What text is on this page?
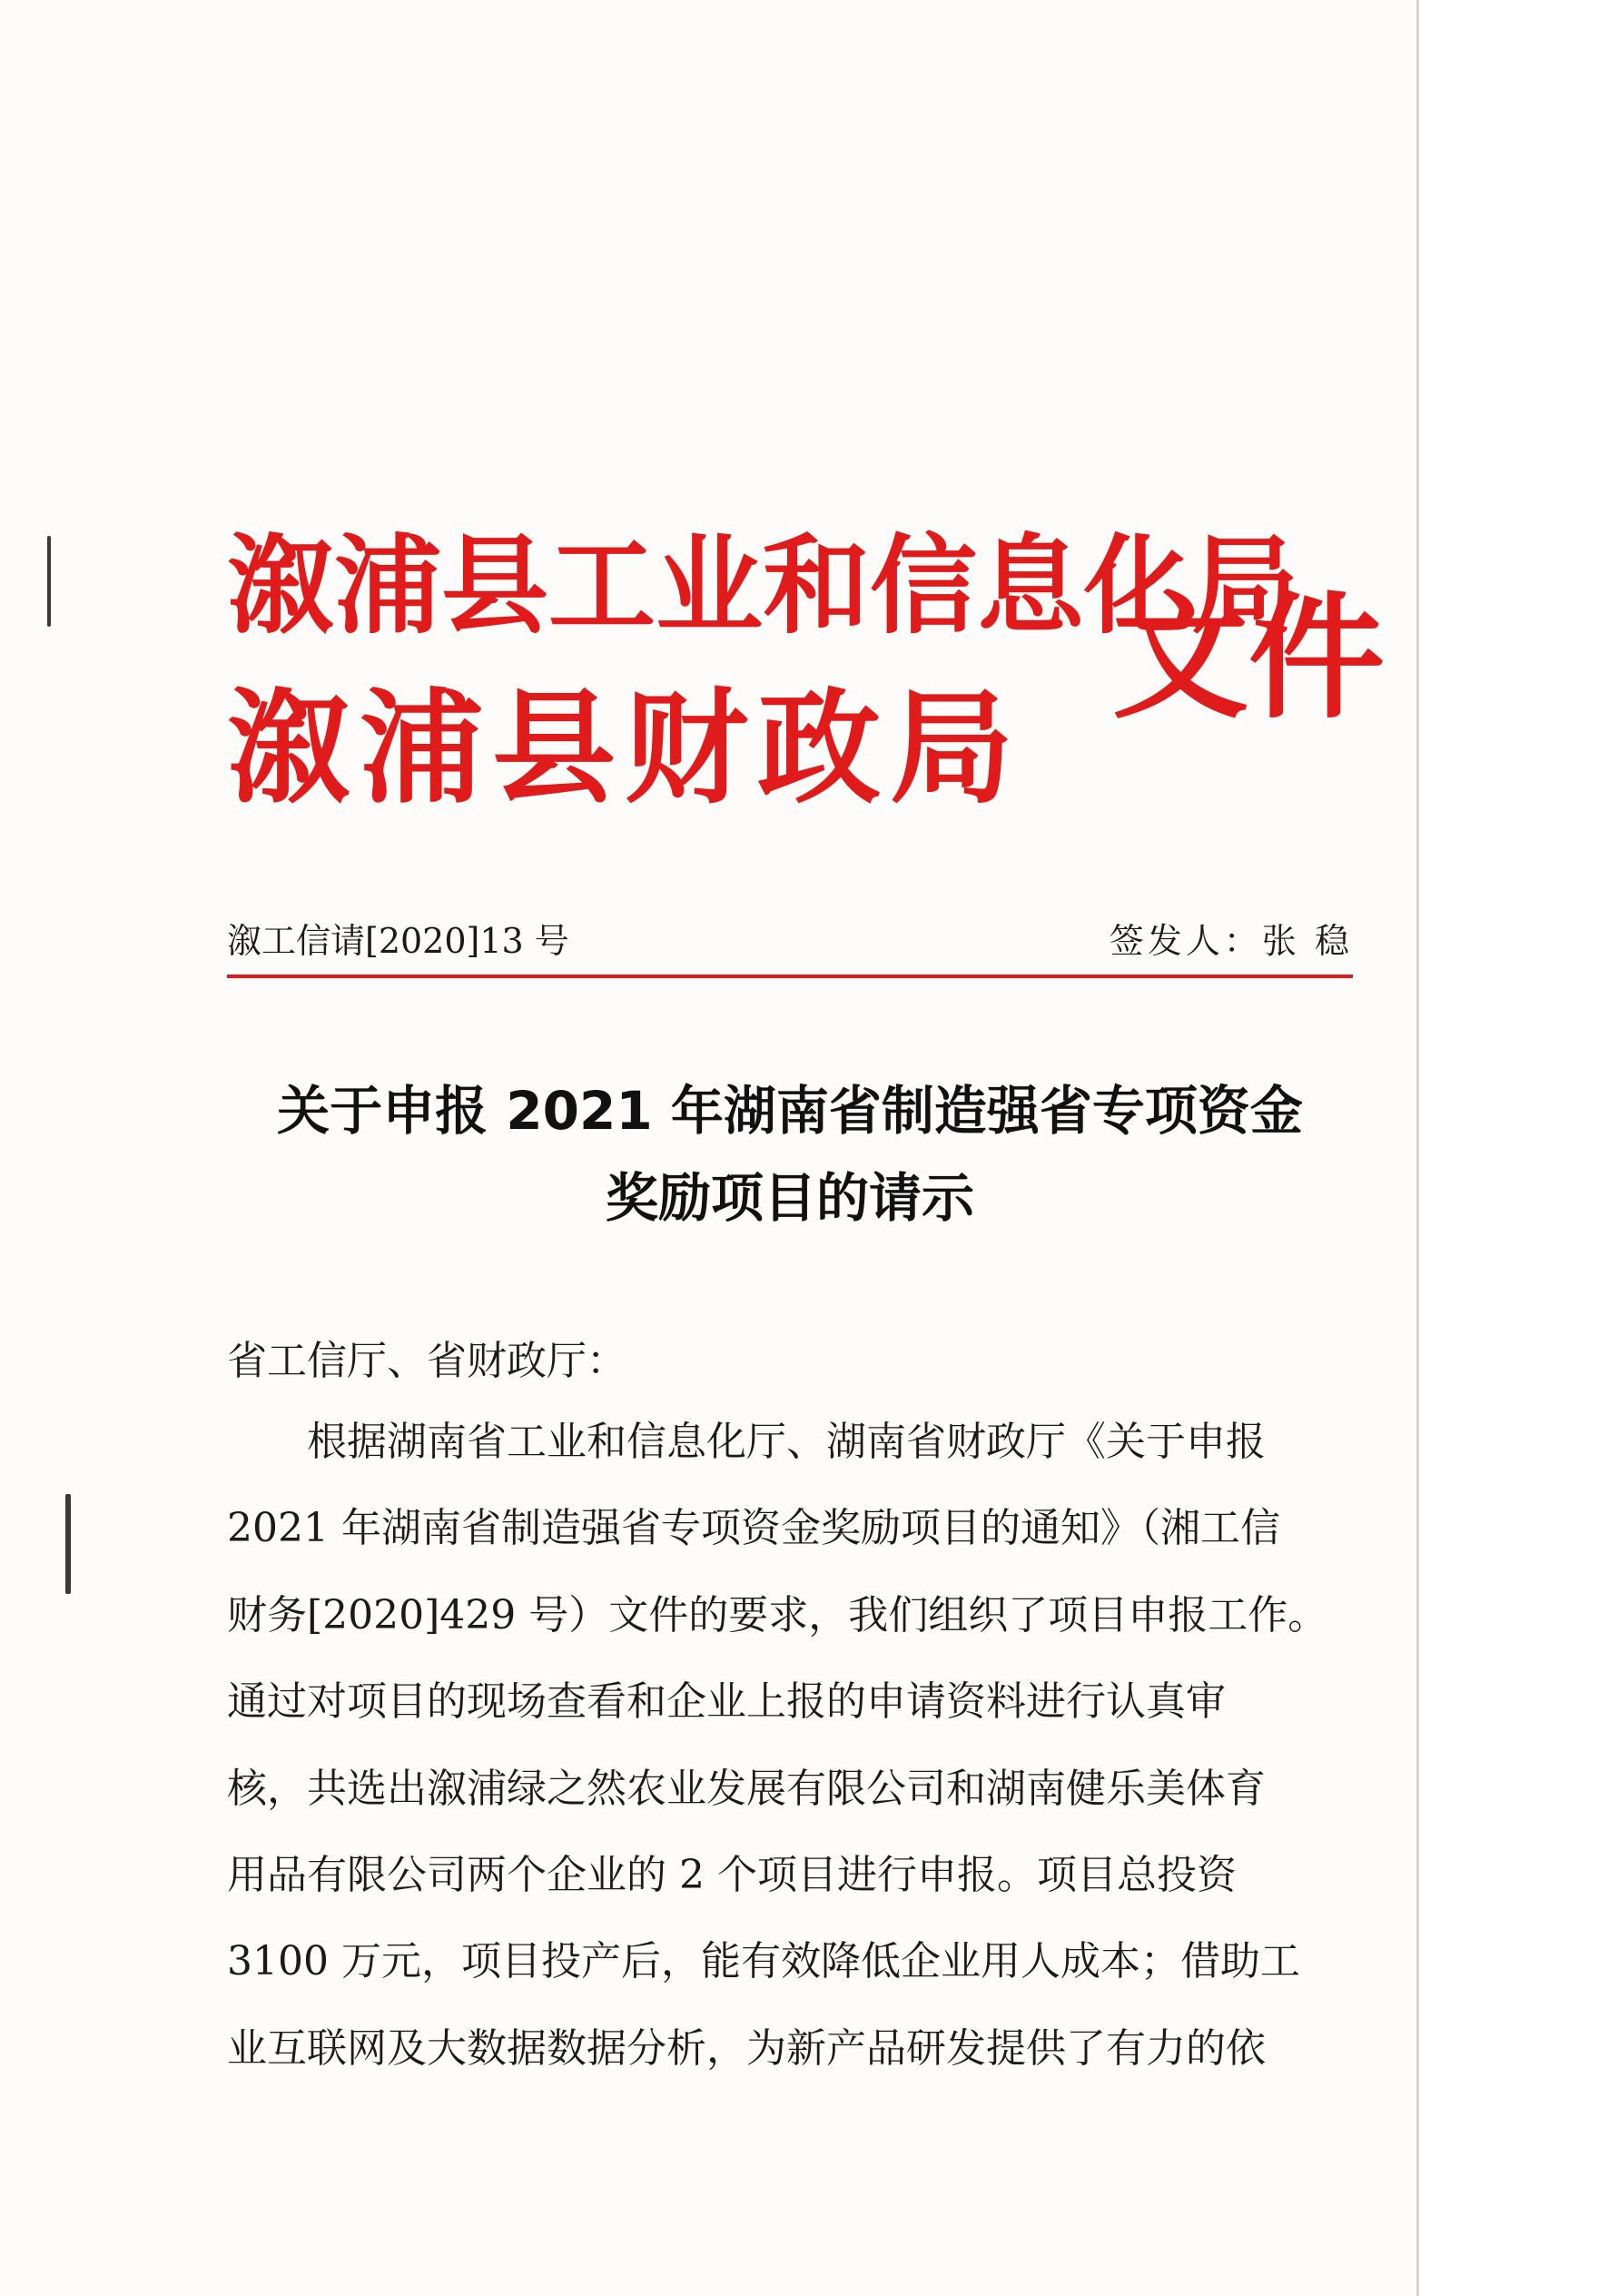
溆浦县工业和信息化局
溆浦县财政局
文件
溆工信请[2020]13 号	签发人：张 稳
关于申报 2021 年湖南省制造强省专项资金
奖励项目的请示
省工信厅、省财政厅：
　　根据湖南省工业和信息化厅、湖南省财政厅《关于申报
2021 年湖南省制造强省专项资金奖励项目的通知》（湘工信
财务[2020]429 号）文件的要求，我们组织了项目申报工作。
通过对项目的现场查看和企业上报的申请资料进行认真审
核，共选出溆浦绿之然农业发展有限公司和湖南健乐美体育
用品有限公司两个企业的 2 个项目进行申报。项目总投资
3100 万元，项目投产后，能有效降低企业用人成本；借助工
业互联网及大数据数据分析，为新产品研发提供了有力的依
